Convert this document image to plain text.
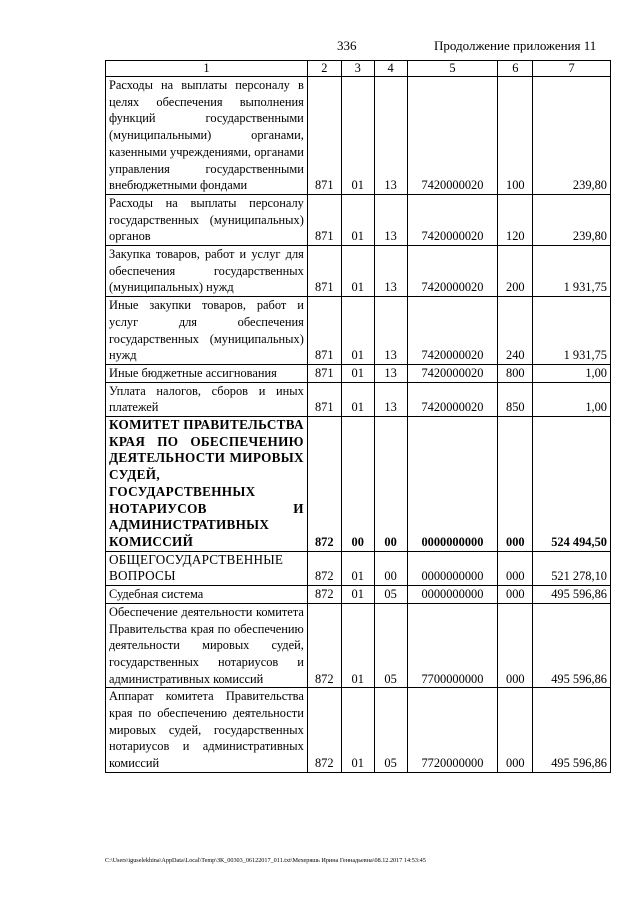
336	Продолжение приложения 11
1	2	3	4	5	6	7
Расходы на выплаты персоналу в целях обеспечения выполнения функций государственными (муниципальными) органами, казенными учреждениями, органами управления государственными внебюджетными фондами	871	01	13	7420000020	100	239,80
Расходы на выплаты персоналу государственных (муниципальных) органов	871	01	13	7420000020	120	239,80
Закупка товаров, работ и услуг для обеспечения государственных (муниципальных) нужд	871	01	13	7420000020	200	1 931,75
Иные закупки товаров, работ и услуг для обеспечения государственных (муниципальных) нужд	871	01	13	7420000020	240	1 931,75
Иные бюджетные ассигнования	871	01	13	7420000020	800	1,00
Уплата налогов, сборов и иных платежей	871	01	13	7420000020	850	1,00
КОМИТЕТ ПРАВИТЕЛЬСТВА КРАЯ ПО ОБЕСПЕЧЕНИЮ ДЕЯТЕЛЬНОСТИ МИРОВЫХ СУДЕЙ, ГОСУДАРСТВЕННЫХ НОТАРИУСОВ И АДМИНИСТРАТИВНЫХ КОМИССИЙ	872	00	00	0000000000	000	524 494,50
ОБЩЕГОСУДАРСТВЕННЫЕ ВОПРОСЫ	872	01	00	0000000000	000	521 278,10
Судебная система	872	01	05	0000000000	000	495 596,86
Обеспечение деятельности комитета Правительства края по обеспечению деятельности мировых судей, государственных нотариусов и административных комиссий	872	01	05	7700000000	000	495 596,86
Аппарат комитета Правительства края по обеспечению деятельности мировых судей, государственных нотариусов и административных комиссий	872	01	05	7720000000	000	495 596,86
C:\Users\iguselekhina\AppData\Local\Temp\ЗК_00303_06122017_011.txt\Мехеряшь Ирина Геннадьевна\08.12.2017 14:53:45
